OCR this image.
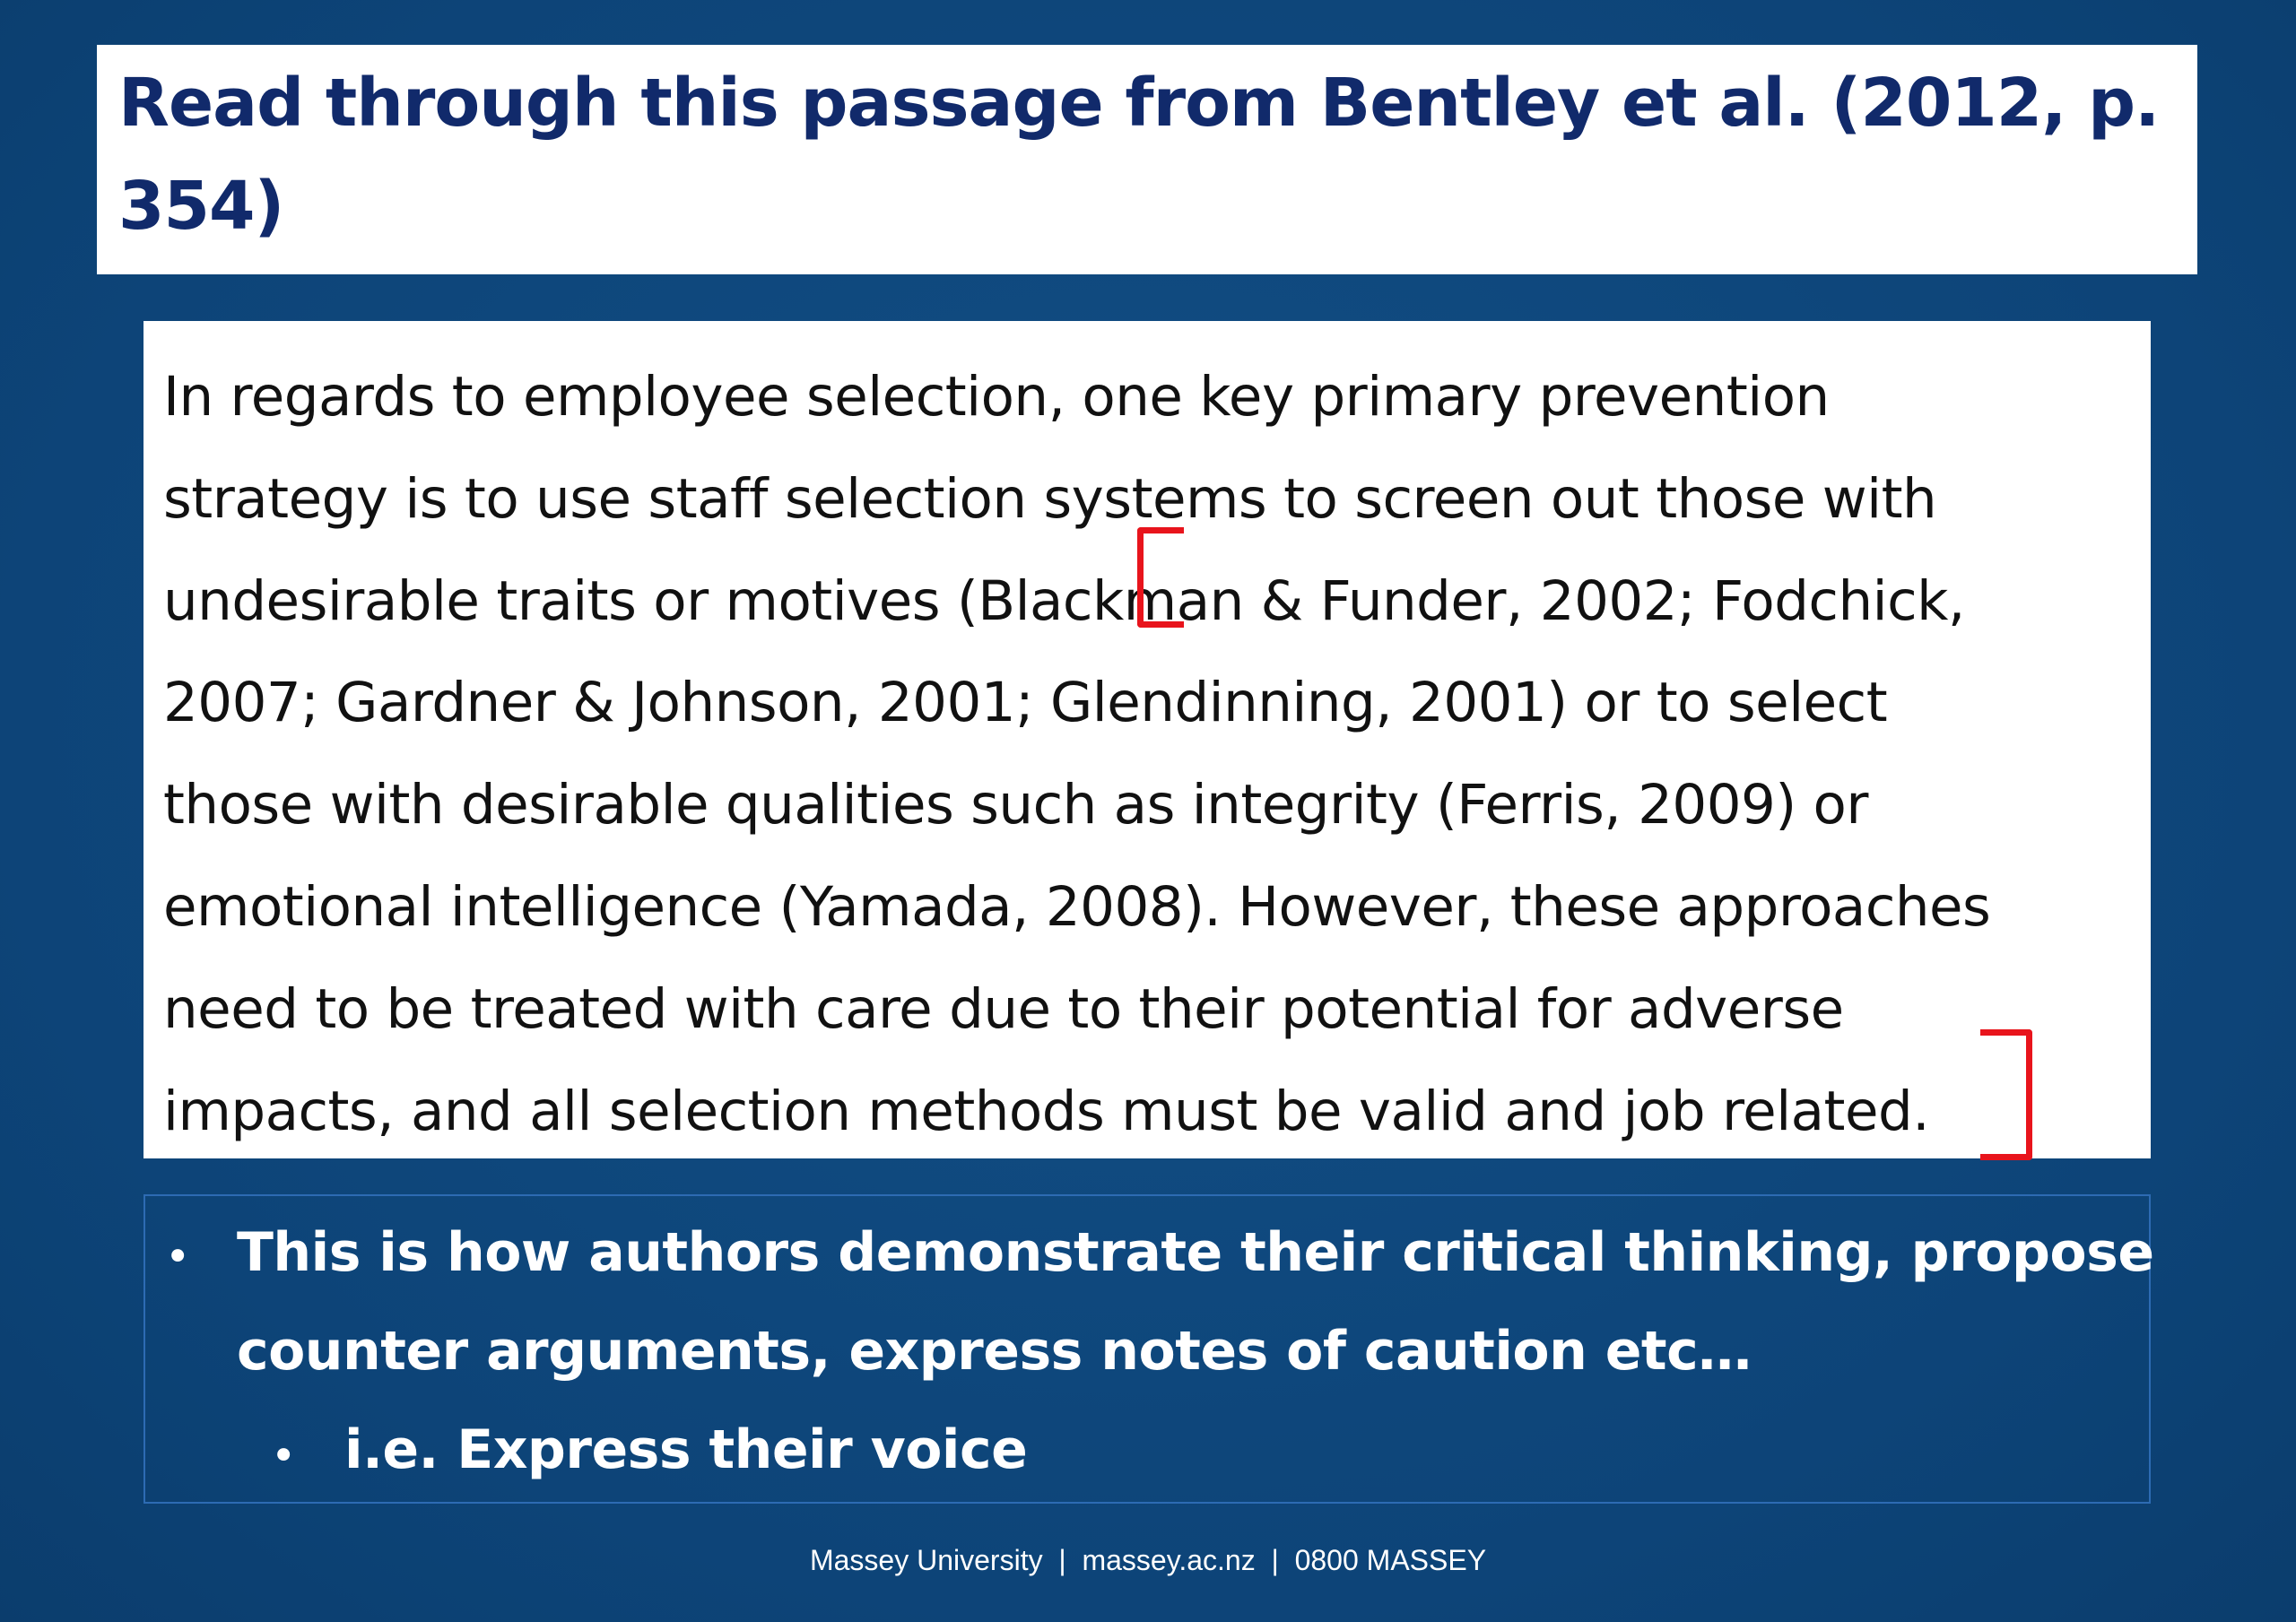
Read through this passage from Bentley et al. (2012, p. 354)
In regards to employee selection, one key primary prevention
strategy is to use staff selection systems to screen out those with
undesirable traits or motives (Blackman & Funder, 2002; Fodchick,
2007; Gardner & Johnson, 2001; Glendinning, 2001) or to select
those with desirable qualities such as integrity (Ferris, 2009) or
emotional intelligence (Yamada, 2008). However, these approaches
need to be treated with care due to their potential for adverse
impacts, and all selection methods must be valid and job related.
• This is how authors demonstrate their critical thinking, propose
counter arguments, express notes of caution etc…
• i.e. Express their voice
Massey University | massey.ac.nz | 0800 MASSEY
